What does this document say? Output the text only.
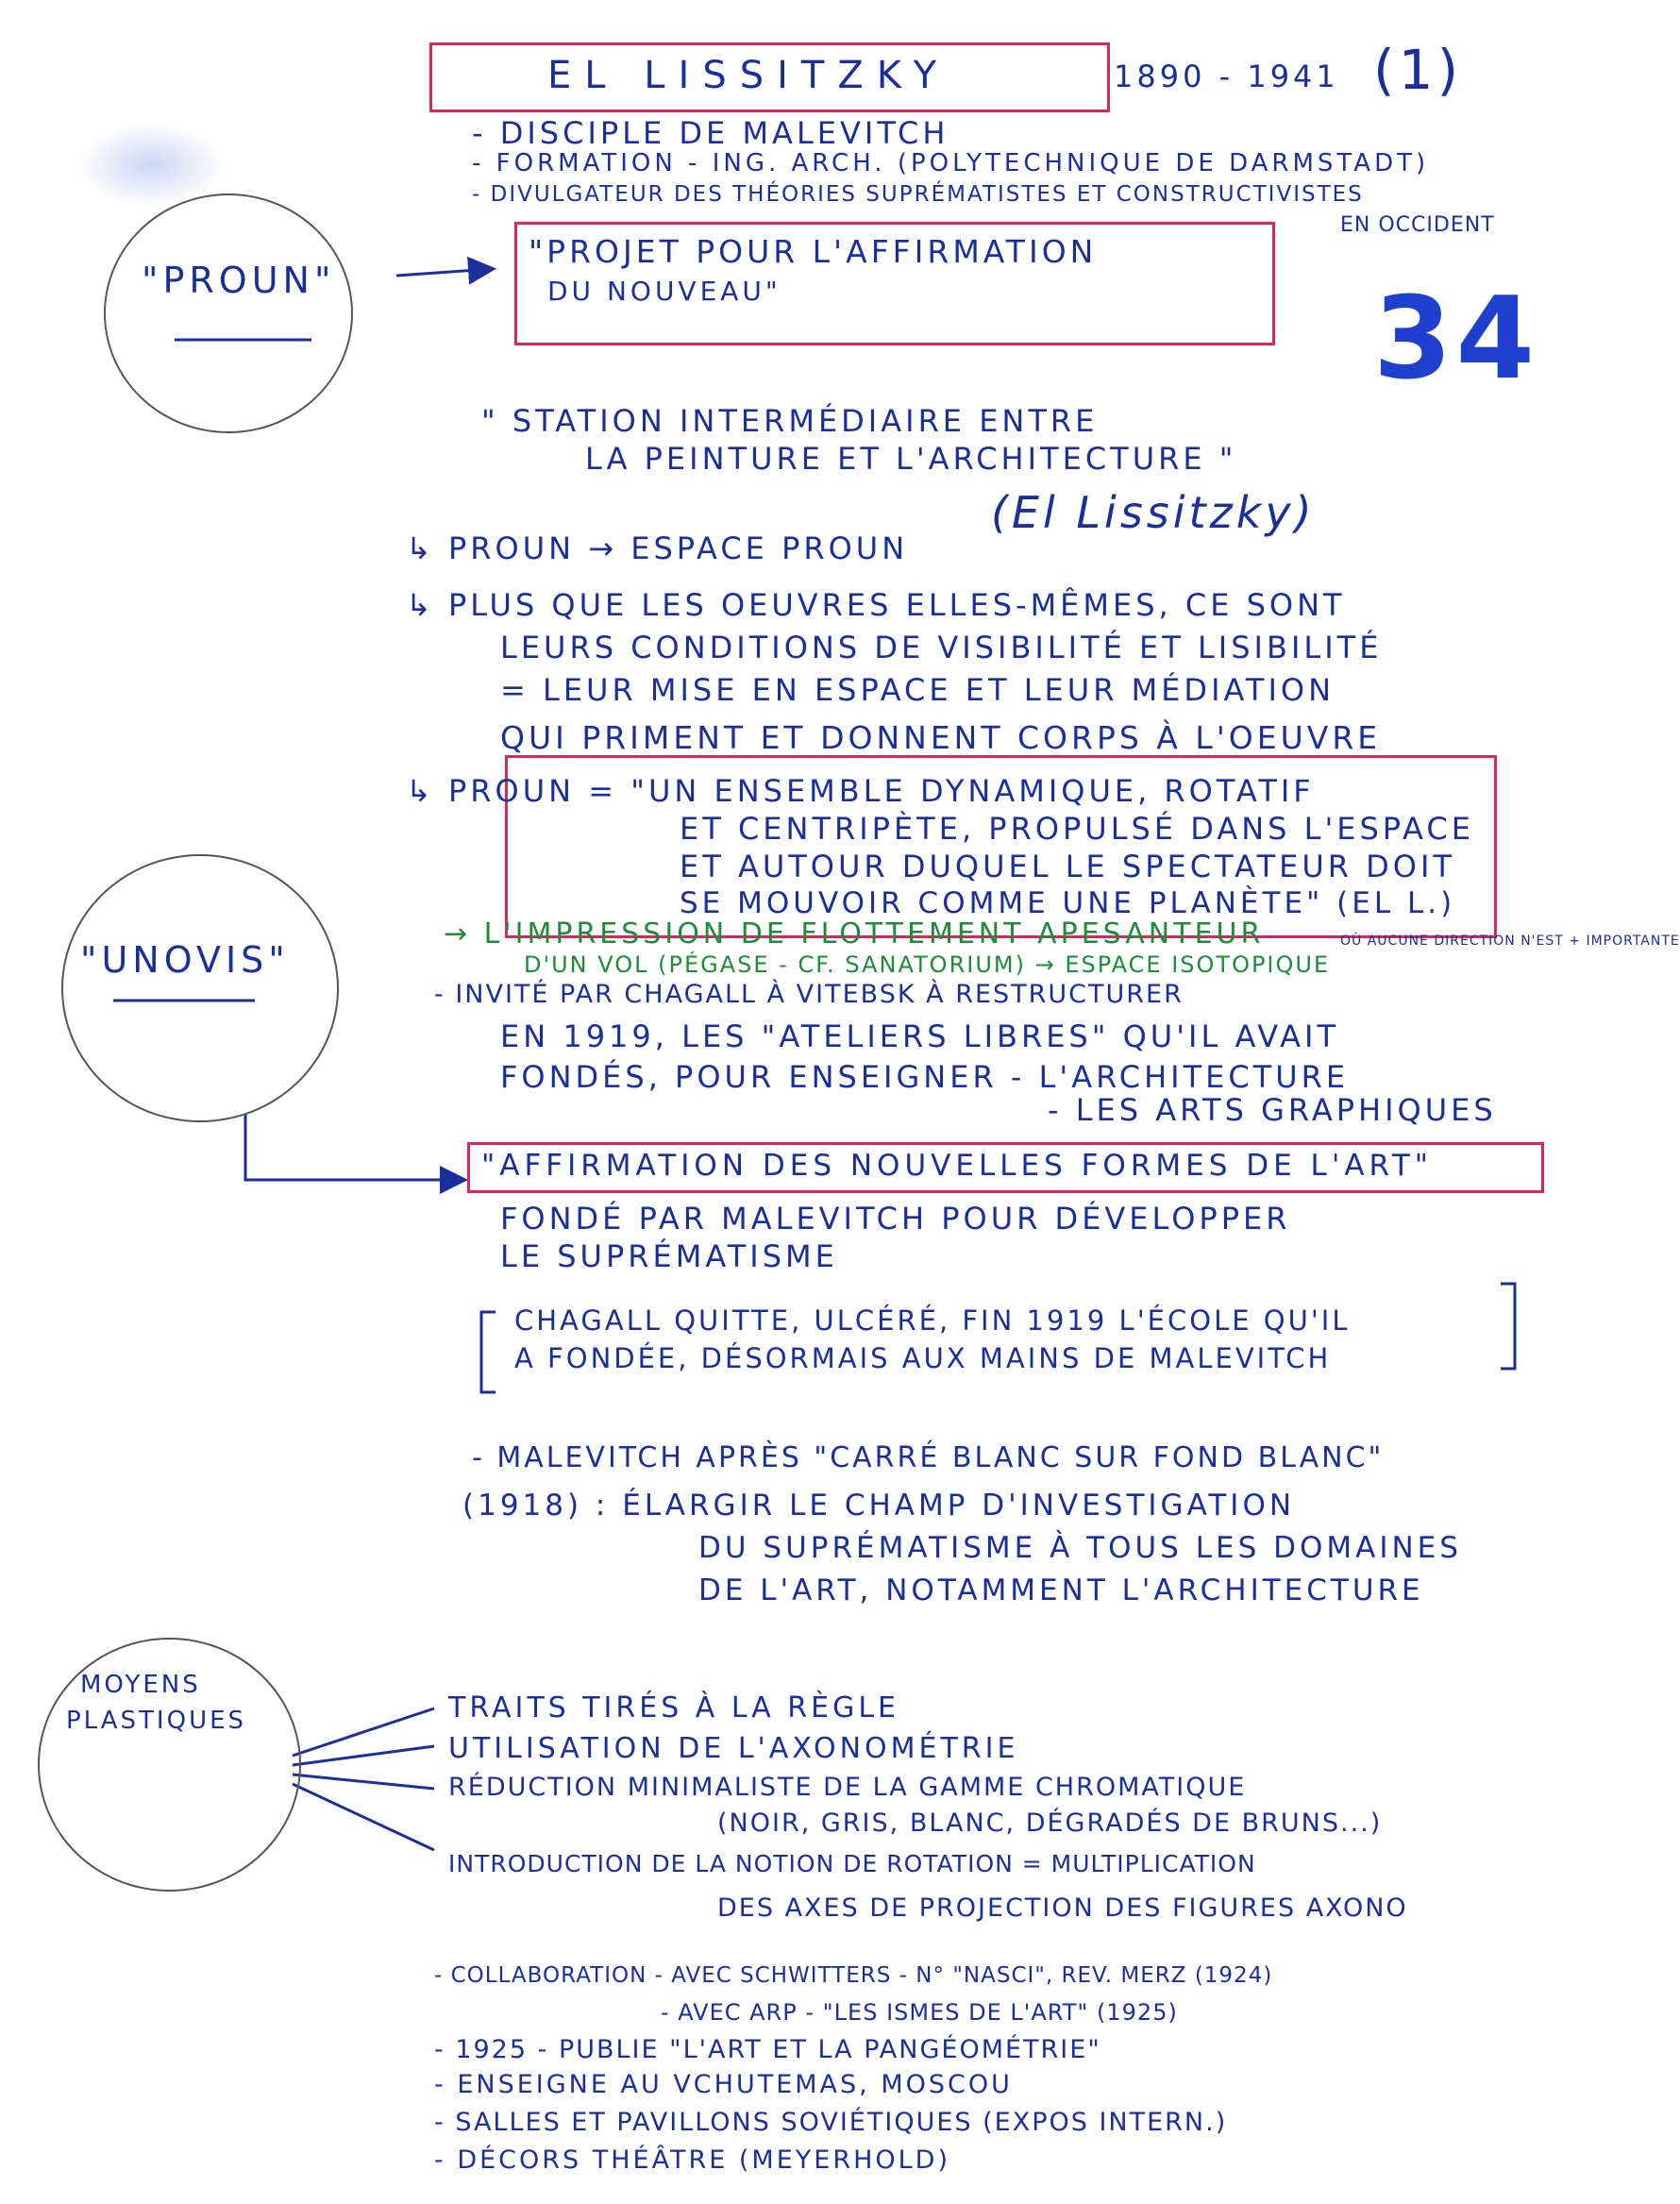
EL LISSITZKY	1890 - 1941 (1)
34
- DISCIPLE DE MALEVITCH
- FORMATION - ING. ARCH. (POLYTECHNIQUE DE DARMSTADT)
- DIVULGATEUR DES THÉORIES SUPRÉMATISTES ET CONSTRUCTIVISTES
EN OCCIDENT
"PROUN"
"PROJET POUR L'AFFIRMATION
DU NOUVEAU"
" STATION INTERMÉDIAIRE ENTRE
LA PEINTURE ET L'ARCHITECTURE "
(El Lissitzky)
↳ PROUN → ESPACE PROUN
↳ PLUS QUE LES OEUVRES ELLES-MÊMES, CE SONT
LEURS CONDITIONS DE VISIBILITÉ ET LISIBILITÉ
= LEUR MISE EN ESPACE ET LEUR MÉDIATION
QUI PRIMENT ET DONNENT CORPS À L'OEUVRE
↳ PROUN = "UN ENSEMBLE DYNAMIQUE, ROTATIF
ET CENTRIPÈTE, PROPULSÉ DANS L'ESPACE
ET AUTOUR DUQUEL LE SPECTATEUR DOIT
SE MOUVOIR COMME UNE PLANÈTE" (EL L.)
→ L'IMPRESSION DE FLOTTEMENT APESANTEUR
D'UN VOL (PÉGASE - CF. SANATORIUM) → ESPACE ISOTOPIQUE
OÙ AUCUNE DIRECTION N'EST + IMPORTANTE
"UNOVIS"
- INVITÉ PAR CHAGALL À VITEBSK À RESTRUCTURER
EN 1919, LES "ATELIERS LIBRES" QU'IL AVAIT
FONDÉS, POUR ENSEIGNER - L'ARCHITECTURE
- LES ARTS GRAPHIQUES
"AFFIRMATION DES NOUVELLES FORMES DE L'ART"
FONDÉ PAR MALEVITCH POUR DÉVELOPPER
LE SUPRÉMATISME
CHAGALL QUITTE, ULCÉRÉ, FIN 1919 L'ÉCOLE QU'IL
A FONDÉE, DÉSORMAIS AUX MAINS DE MALEVITCH
- MALEVITCH APRÈS "CARRÉ BLANC SUR FOND BLANC"
(1918) : ÉLARGIR LE CHAMP D'INVESTIGATION
DU SUPRÉMATISME À TOUS LES DOMAINES
DE L'ART, NOTAMMENT L'ARCHITECTURE
MOYENS
PLASTIQUES	TRAITS TIRÉS À LA RÈGLE
UTILISATION DE L'AXONOMÉTRIE
RÉDUCTION MINIMALISTE DE LA GAMME CHROMATIQUE
(NOIR, GRIS, BLANC, DÉGRADÉS DE BRUNS...)
INTRODUCTION DE LA NOTION DE ROTATION = MULTIPLICATION
DES AXES DE PROJECTION DES FIGURES AXONO
- COLLABORATION - AVEC SCHWITTERS - N° "NASCI", REV. MERZ (1924)
- AVEC ARP - "LES ISMES DE L'ART" (1925)
- 1925 - PUBLIE "L'ART ET LA PANGÉOMÉTRIE"
- ENSEIGNE AU VCHUTEMAS, MOSCOU
- SALLES ET PAVILLONS SOVIÉTIQUES (EXPOS INTERN.)
- DÉCORS THÉÂTRE (MEYERHOLD)
